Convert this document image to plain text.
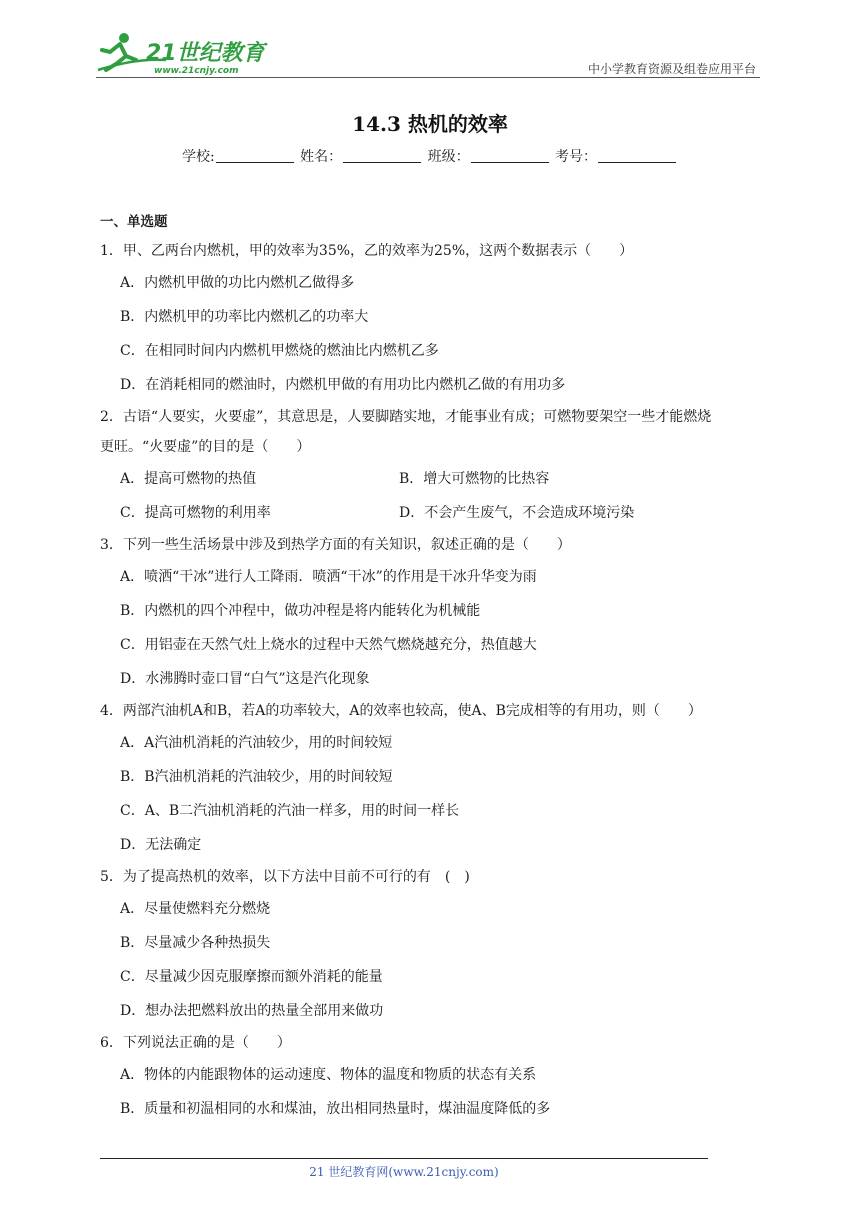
21世纪教育
www.21cnjy.com	中小学教育资源及组卷应用平台
14.3 热机的效率
学校:	姓名：	班级：	考号：
一、单选题
1．甲、乙两台内燃机，甲的效率为35%，乙的效率为25%，这两个数据表示（　　）
A．内燃机甲做的功比内燃机乙做得多
B．内燃机甲的功率比内燃机乙的功率大
C．在相同时间内内燃机甲燃烧的燃油比内燃机乙多
D．在消耗相同的燃油时，内燃机甲做的有用功比内燃机乙做的有用功多
2．古语“人要实，火要虚”，其意思是，人要脚踏实地，才能事业有成；可燃物要架空一些才能燃烧
更旺。“火要虚”的目的是（　　）
A．提高可燃物的热值	B．增大可燃物的比热容
C．提高可燃物的利用率	D．不会产生废气，不会造成环境污染
3．下列一些生活场景中涉及到热学方面的有关知识，叙述正确的是（　　）
A．喷洒“干冰”进行人工降雨．喷洒“干冰”的作用是干冰升华变为雨
B．内燃机的四个冲程中，做功冲程是将内能转化为机械能
C．用铝壶在天然气灶上烧水的过程中天然气燃烧越充分，热值越大
D．水沸腾时壶口冒“白气”这是汽化现象
4．两部汽油机A和B，若A的功率较大，A的效率也较高，使A、B完成相等的有用功，则（　　）
A．A汽油机消耗的汽油较少，用的时间较短
B．B汽油机消耗的汽油较少，用的时间较短
C．A、B二汽油机消耗的汽油一样多，用的时间一样长
D．无法确定
5．为了提高热机的效率，以下方法中目前不可行的有　(　)
A．尽量使燃料充分燃烧
B．尽量减少各种热损失
C．尽量减少因克服摩擦而额外消耗的能量
D．想办法把燃料放出的热量全部用来做功
6．下列说法正确的是（　　）
A．物体的内能跟物体的运动速度、物体的温度和物质的状态有关系
B．质量和初温相同的水和煤油，放出相同热量时，煤油温度降低的多
21 世纪教育网(www.21cnjy.com)
